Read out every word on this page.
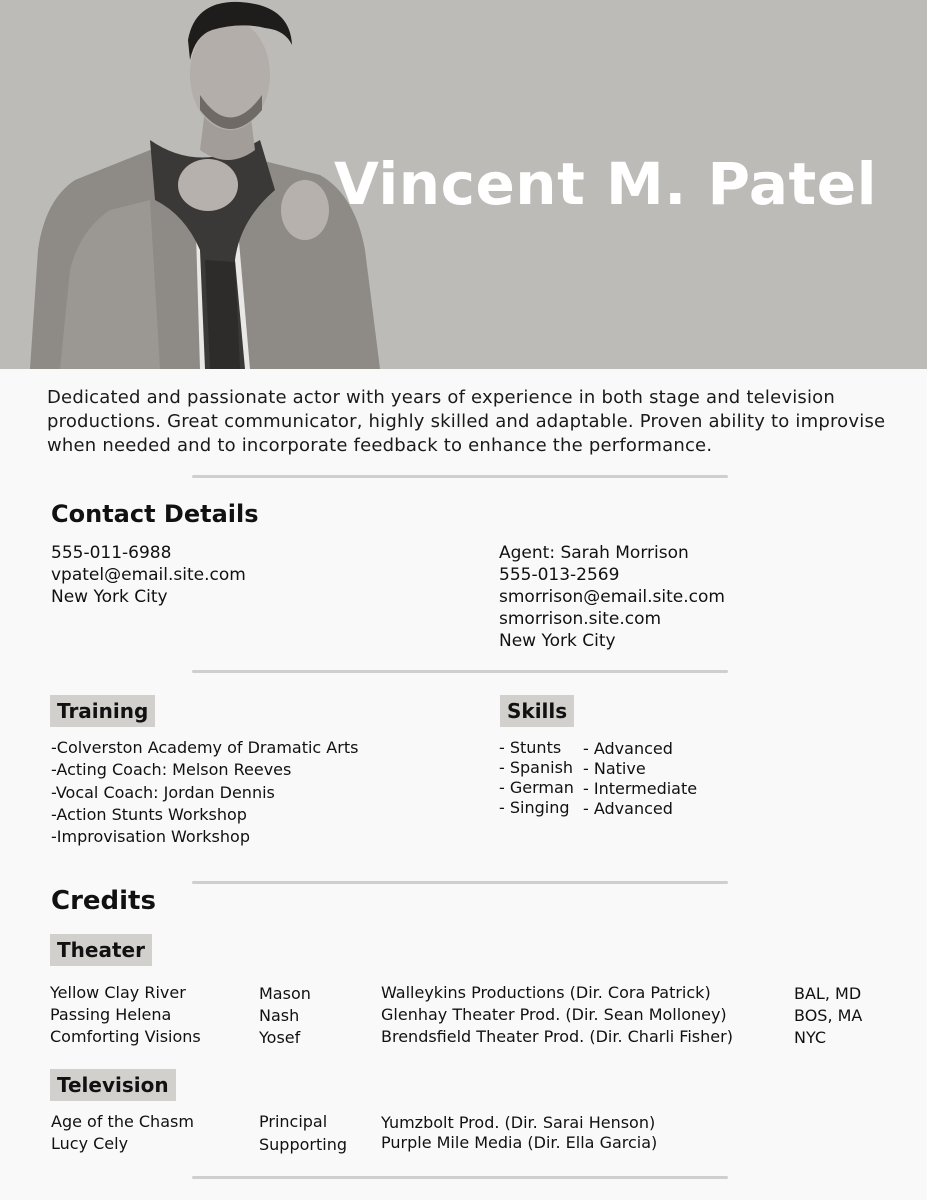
Vincent M. Patel
Dedicated and passionate actor with years of experience in both stage and television productions. Great communicator, highly skilled and adaptable. Proven ability to improvise when needed and to incorporate feedback to enhance the performance.
Contact Details
555-011-6988
vpatel@email.site.com
New York City
Agent: Sarah Morrison
555-013-2569
smorrison@email.site.com
smorrison.site.com
New York City
Training
-Colverston Academy of Dramatic Arts
-Acting Coach: Melson Reeves
-Vocal Coach: Jordan Dennis
-Action Stunts Workshop
-Improvisation Workshop
Skills
- Stunts
- Spanish
- German
- Singing
- Advanced
- Native
- Intermediate
- Advanced
Credits
Theater
Yellow Clay River
Passing Helena
Comforting Visions
Mason
Nash
Yosef
Walleykins Productions (Dir. Cora Patrick)
Glenhay Theater Prod. (Dir. Sean Molloney)
Brendsfield Theater Prod. (Dir. Charli Fisher)
BAL, MD
BOS, MA
NYC
Television
Age of the Chasm
Lucy Cely
Principal
Supporting
Yumzbolt Prod. (Dir. Sarai Henson)
Purple Mile Media (Dir. Ella Garcia)
